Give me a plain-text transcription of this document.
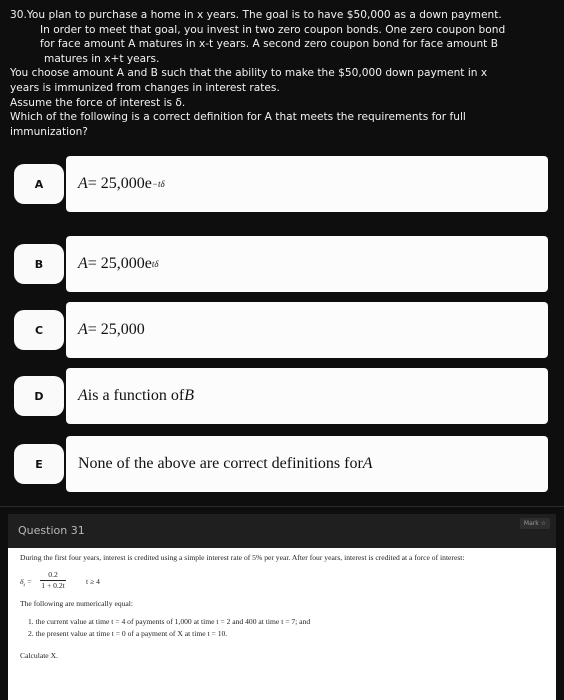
30.You plan to purchase a home in x years. The goal is to have $50,000 as a down payment.
In order to meet that goal, you invest in two zero coupon bonds. One zero coupon bond
for face amount A matures in x-t years. A second zero coupon bond for face amount B
matures in x+t years.
You choose amount A and B such that the ability to make the $50,000 down payment in x
years is immunized from changes in interest rates.
Assume the force of interest is δ.
Which of the following is a correct definition for A that meets the requirements for full
immunization?
A	A = 25,000e −tδ
B	A = 25,000e tδ
C	A = 25,000
D	A is a function of B
E	None of the above are correct definitions for A
Question 31
Mark ☆
During the first four years, interest is credited using a simple interest rate of 5% per year. After four years, interest is credited at a force of interest:
$\delta_t = \frac{0.2}{1 + 0.2t}$	t ≥ 4
The following are numerically equal:
1. the current value at time t = 4 of payments of 1,000 at time t = 2 and 400 at time t = 7; and
2. the present value at time t = 0 of a payment of X at time t = 10.
Calculate X.
